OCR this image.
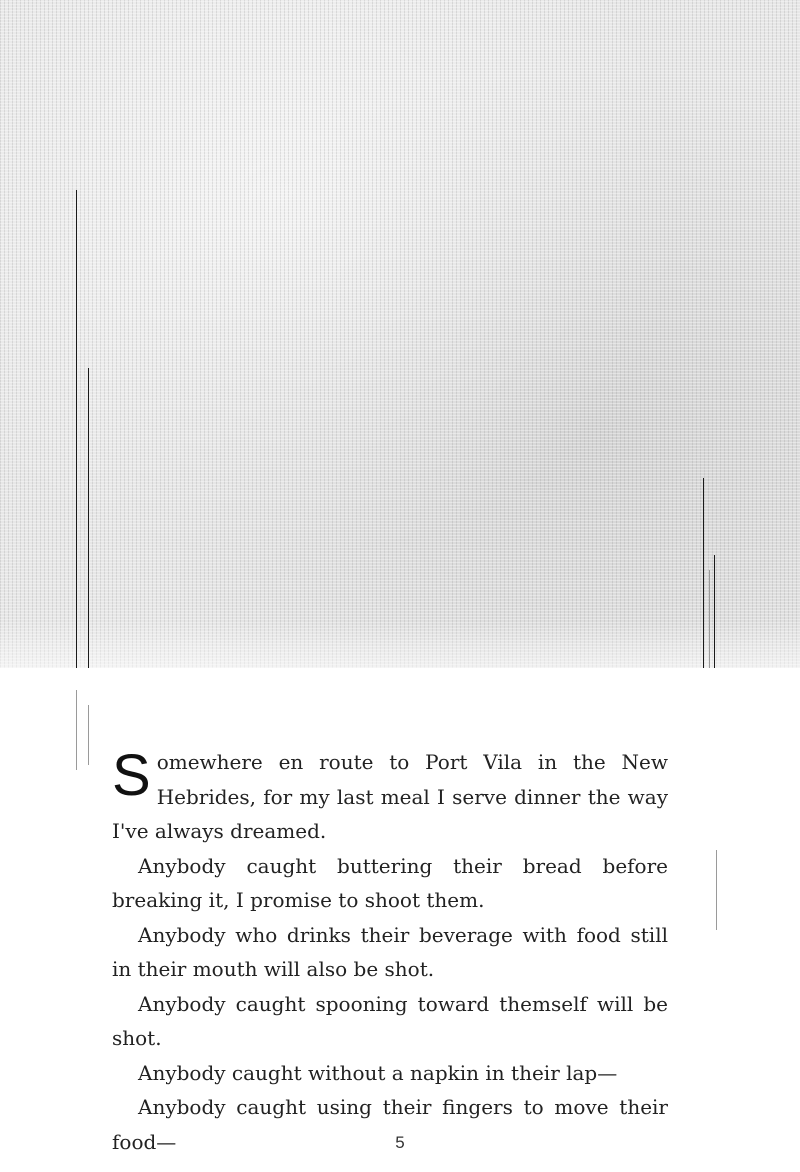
Somewhere en route to Port Vila in the New Hebrides, for my last meal I serve dinner the way I've always dreamed.

Anybody caught buttering their bread before breaking it, I promise to shoot them.

Anybody who drinks their beverage with food still in their mouth will also be shot.

Anybody caught spooning toward themself will be shot.

Anybody caught without a napkin in their lap—

Anybody caught using their fingers to move their food—	5
